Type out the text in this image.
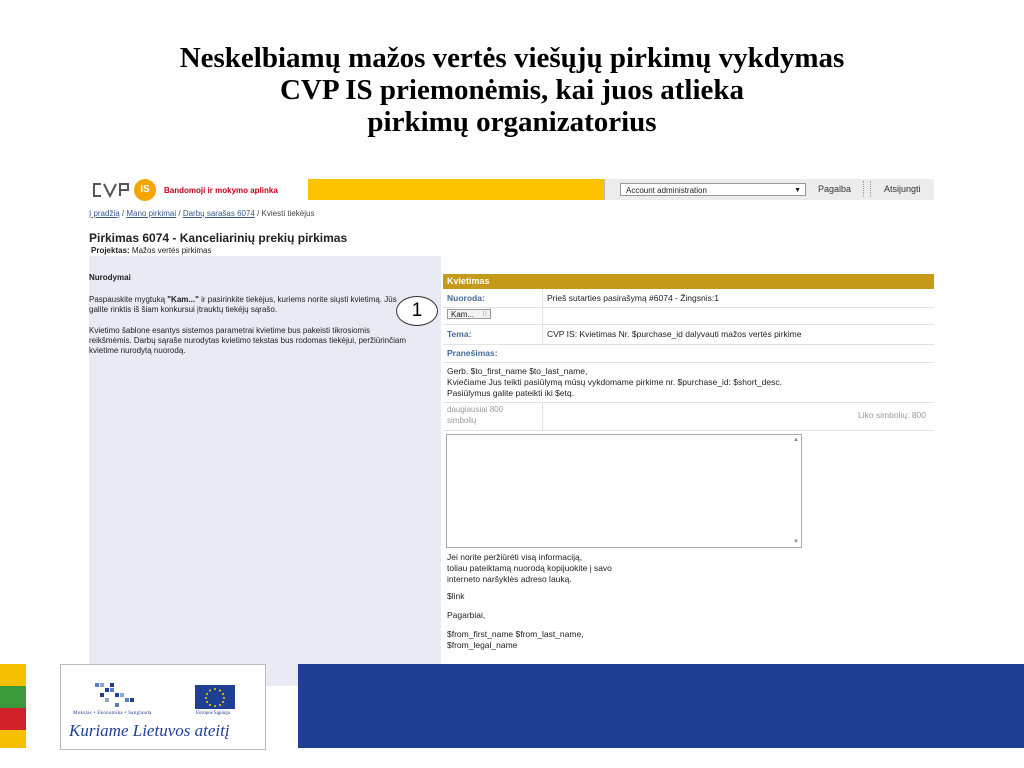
Neskelbiamų mažos vertės viešųjų pirkimų vykdymas
CVP IS priemonėmis, kai juos atlieka
pirkimų organizatorius
IS	Bandomoji ir mokymo aplinka	Account administration	▼ Pagalba	Atsijungti
Į pradžią / Mano pirkimai / Darbų sarašas 6074 / Kviesti tiekėjus
Pirkimas 6074 - Kanceliarinių prekių pirkimas
Projektas: Mažos vertės pirkimas
Nurodymai
Paspauskite mygtuką "Kam..." ir pasirinkite tiekėjus, kuriems norite siųsti kvietimą. Jūs galite rinktis iš šiam konkursui įtrauktų tiekėjų sąrašo.
Kvietimo šablone esantys sistemos parametrai kvietime bus pakeisti tikrosiomis reikšmėmis. Darbų sąraše nurodytas kvietimo tekstas bus rodomas tiekėjui, peržiūrinčiam kvietime nurodytą nuorodą.
1
Kvietimas
Nuoroda:	Prieš sutarties pasirašymą #6074 - Žingsnis:1
Kam... ⁝⁝
Tema:	CVP IS: Kvietimas Nr. $purchase_id dalyvauti mažos vertės pirkime
Pranešimas:
Gerb. $to_first_name $to_last_name,
Kviečiame Jus teikti pasiūlymą mūsų vykdomame pirkime nr. $purchase_id: $short_desc.
Pasiūlymus galite pateikti iki $etq.
daugiausiai 800
simbolių
Liko simbolių: 800
▲
▼
Jei norite peržiūrėti visą informaciją,
toliau pateiktamą nuorodą kopijuokite į savo
interneto naršyklės adreso lauką.
$link
Pagarbiai,
$from_first_name $from_last_name,
$from_legal_name
Mokslas • Ekonomika • Sanglauda	Europos Sąjunga
Kuriame Lietuvos ateitį
